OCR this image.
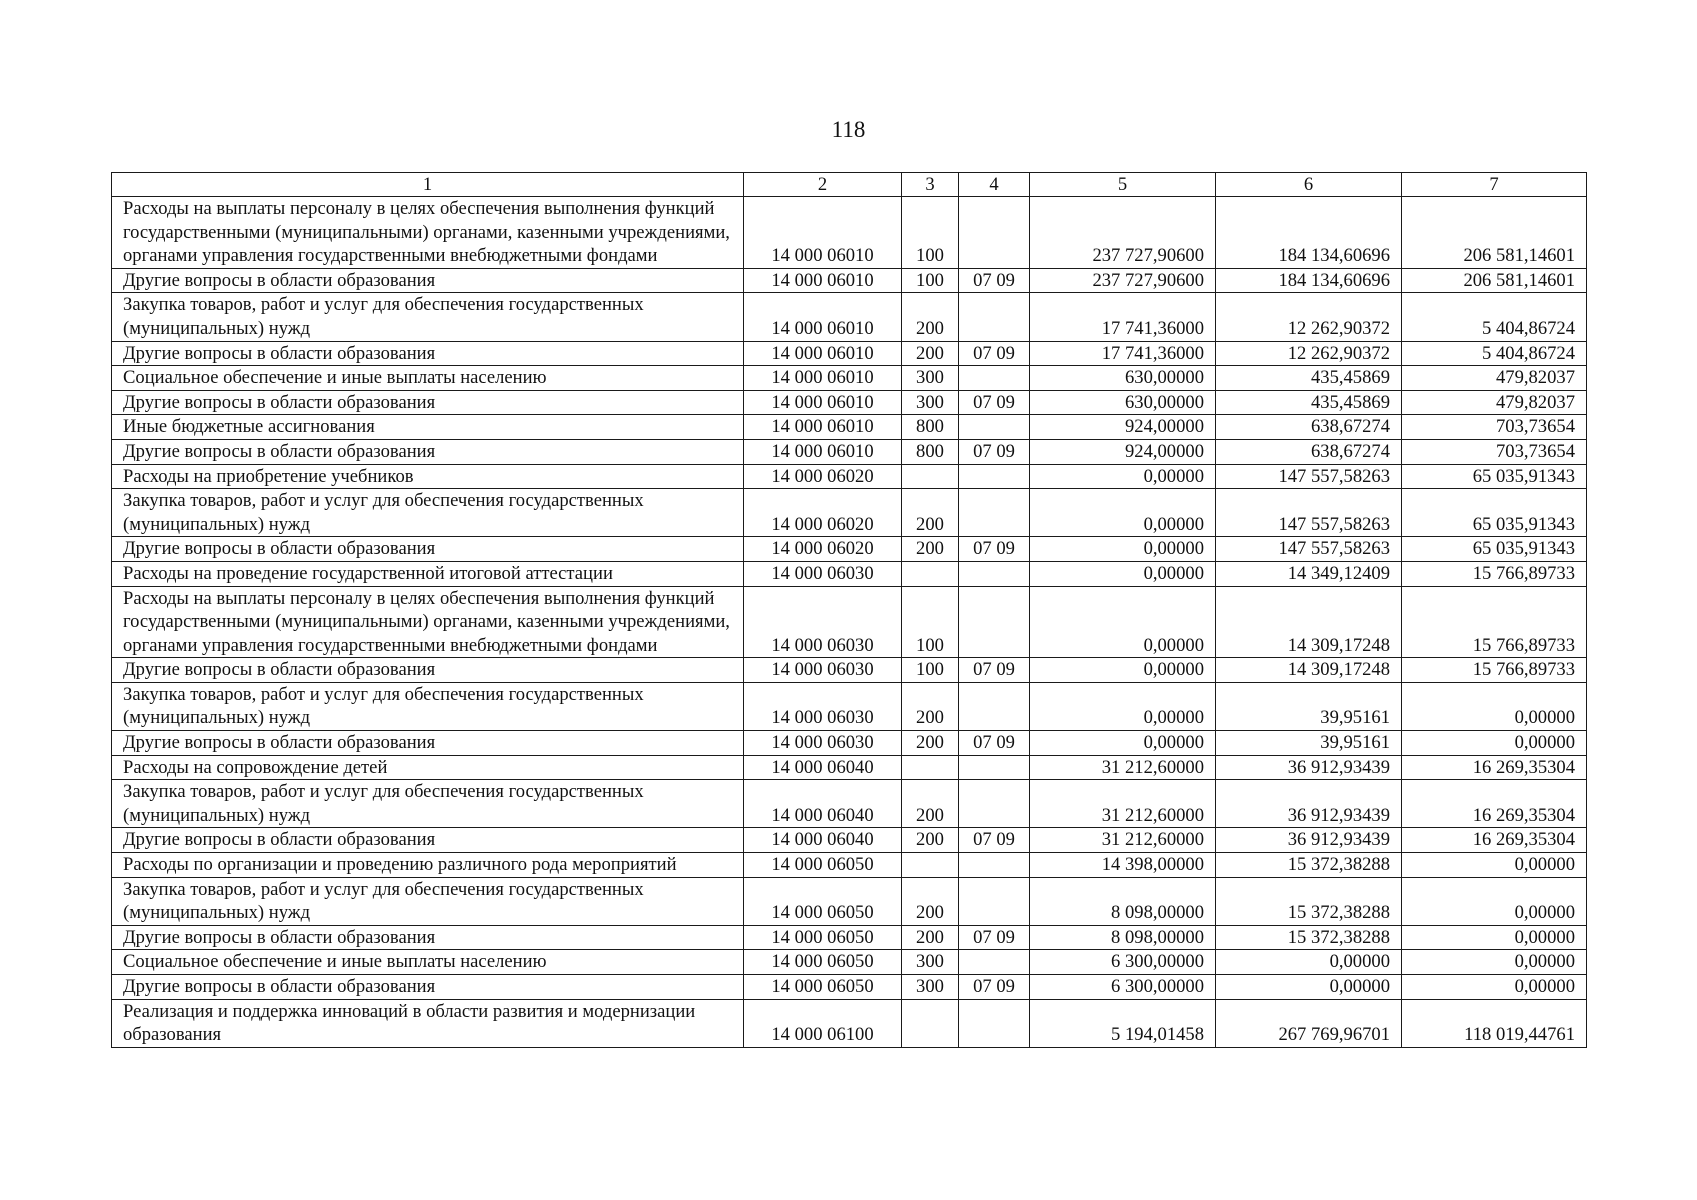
118
1	2	3	4	5	6	7
Расходы на выплаты персоналу в целях обеспечения выполнения функций государственными (муниципальными) органами, казенными учреждениями, органами управления государственными внебюджетными фондами	14 000 06010	100		237 727,90600	184 134,60696	206 581,14601
Другие вопросы в области образования	14 000 06010	100	07 09	237 727,90600	184 134,60696	206 581,14601
Закупка товаров, работ и услуг для обеспечения государственных (муниципальных) нужд	14 000 06010	200		17 741,36000	12 262,90372	5 404,86724
Другие вопросы в области образования	14 000 06010	200	07 09	17 741,36000	12 262,90372	5 404,86724
Социальное обеспечение и иные выплаты населению	14 000 06010	300		630,00000	435,45869	479,82037
Другие вопросы в области образования	14 000 06010	300	07 09	630,00000	435,45869	479,82037
Иные бюджетные ассигнования	14 000 06010	800		924,00000	638,67274	703,73654
Другие вопросы в области образования	14 000 06010	800	07 09	924,00000	638,67274	703,73654
Расходы на приобретение учебников	14 000 06020			0,00000	147 557,58263	65 035,91343
Закупка товаров, работ и услуг для обеспечения государственных (муниципальных) нужд	14 000 06020	200		0,00000	147 557,58263	65 035,91343
Другие вопросы в области образования	14 000 06020	200	07 09	0,00000	147 557,58263	65 035,91343
Расходы на проведение государственной итоговой аттестации	14 000 06030			0,00000	14 349,12409	15 766,89733
Расходы на выплаты персоналу в целях обеспечения выполнения функций государственными (муниципальными) органами, казенными учреждениями, органами управления государственными внебюджетными фондами	14 000 06030	100		0,00000	14 309,17248	15 766,89733
Другие вопросы в области образования	14 000 06030	100	07 09	0,00000	14 309,17248	15 766,89733
Закупка товаров, работ и услуг для обеспечения государственных (муниципальных) нужд	14 000 06030	200		0,00000	39,95161	0,00000
Другие вопросы в области образования	14 000 06030	200	07 09	0,00000	39,95161	0,00000
Расходы на сопровождение детей	14 000 06040			31 212,60000	36 912,93439	16 269,35304
Закупка товаров, работ и услуг для обеспечения государственных (муниципальных) нужд	14 000 06040	200		31 212,60000	36 912,93439	16 269,35304
Другие вопросы в области образования	14 000 06040	200	07 09	31 212,60000	36 912,93439	16 269,35304
Расходы по организации и проведению различного рода мероприятий	14 000 06050			14 398,00000	15 372,38288	0,00000
Закупка товаров, работ и услуг для обеспечения государственных (муниципальных) нужд	14 000 06050	200		8 098,00000	15 372,38288	0,00000
Другие вопросы в области образования	14 000 06050	200	07 09	8 098,00000	15 372,38288	0,00000
Социальное обеспечение и иные выплаты населению	14 000 06050	300		6 300,00000	0,00000	0,00000
Другие вопросы в области образования	14 000 06050	300	07 09	6 300,00000	0,00000	0,00000
Реализация и поддержка инноваций в области развития и модернизации образования	14 000 06100			5 194,01458	267 769,96701	118 019,44761
